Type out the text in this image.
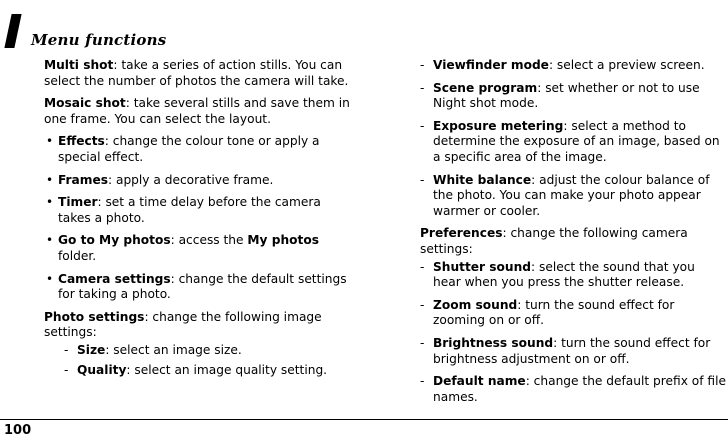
Menu functions

Multi shot: take a series of action stills. You can select the number of photos the camera will take.

Mosaic shot: take several stills and save them in one frame. You can select the layout.

• Effects: change the colour tone or apply a special effect.

• Frames: apply a decorative frame.

• Timer: set a time delay before the camera takes a photo.

• Go to My photos: access the My photos folder.

• Camera settings: change the default settings for taking a photo.

Photo settings: change the following image settings:

- Size: select an image size.

- Quality: select an image quality setting.

- Viewfinder mode: select a preview screen.

- Scene program: set whether or not to use Night shot mode.

- Exposure metering: select a method to determine the exposure of an image, based on a specific area of the image.

- White balance: adjust the colour balance of the photo. You can make your photo appear warmer or cooler.

Preferences: change the following camera settings:

- Shutter sound: select the sound that you hear when you press the shutter release.

- Zoom sound: turn the sound effect for zooming on or off.

- Brightness sound: turn the sound effect for brightness adjustment on or off.

- Default name: change the default prefix of file names.

100
